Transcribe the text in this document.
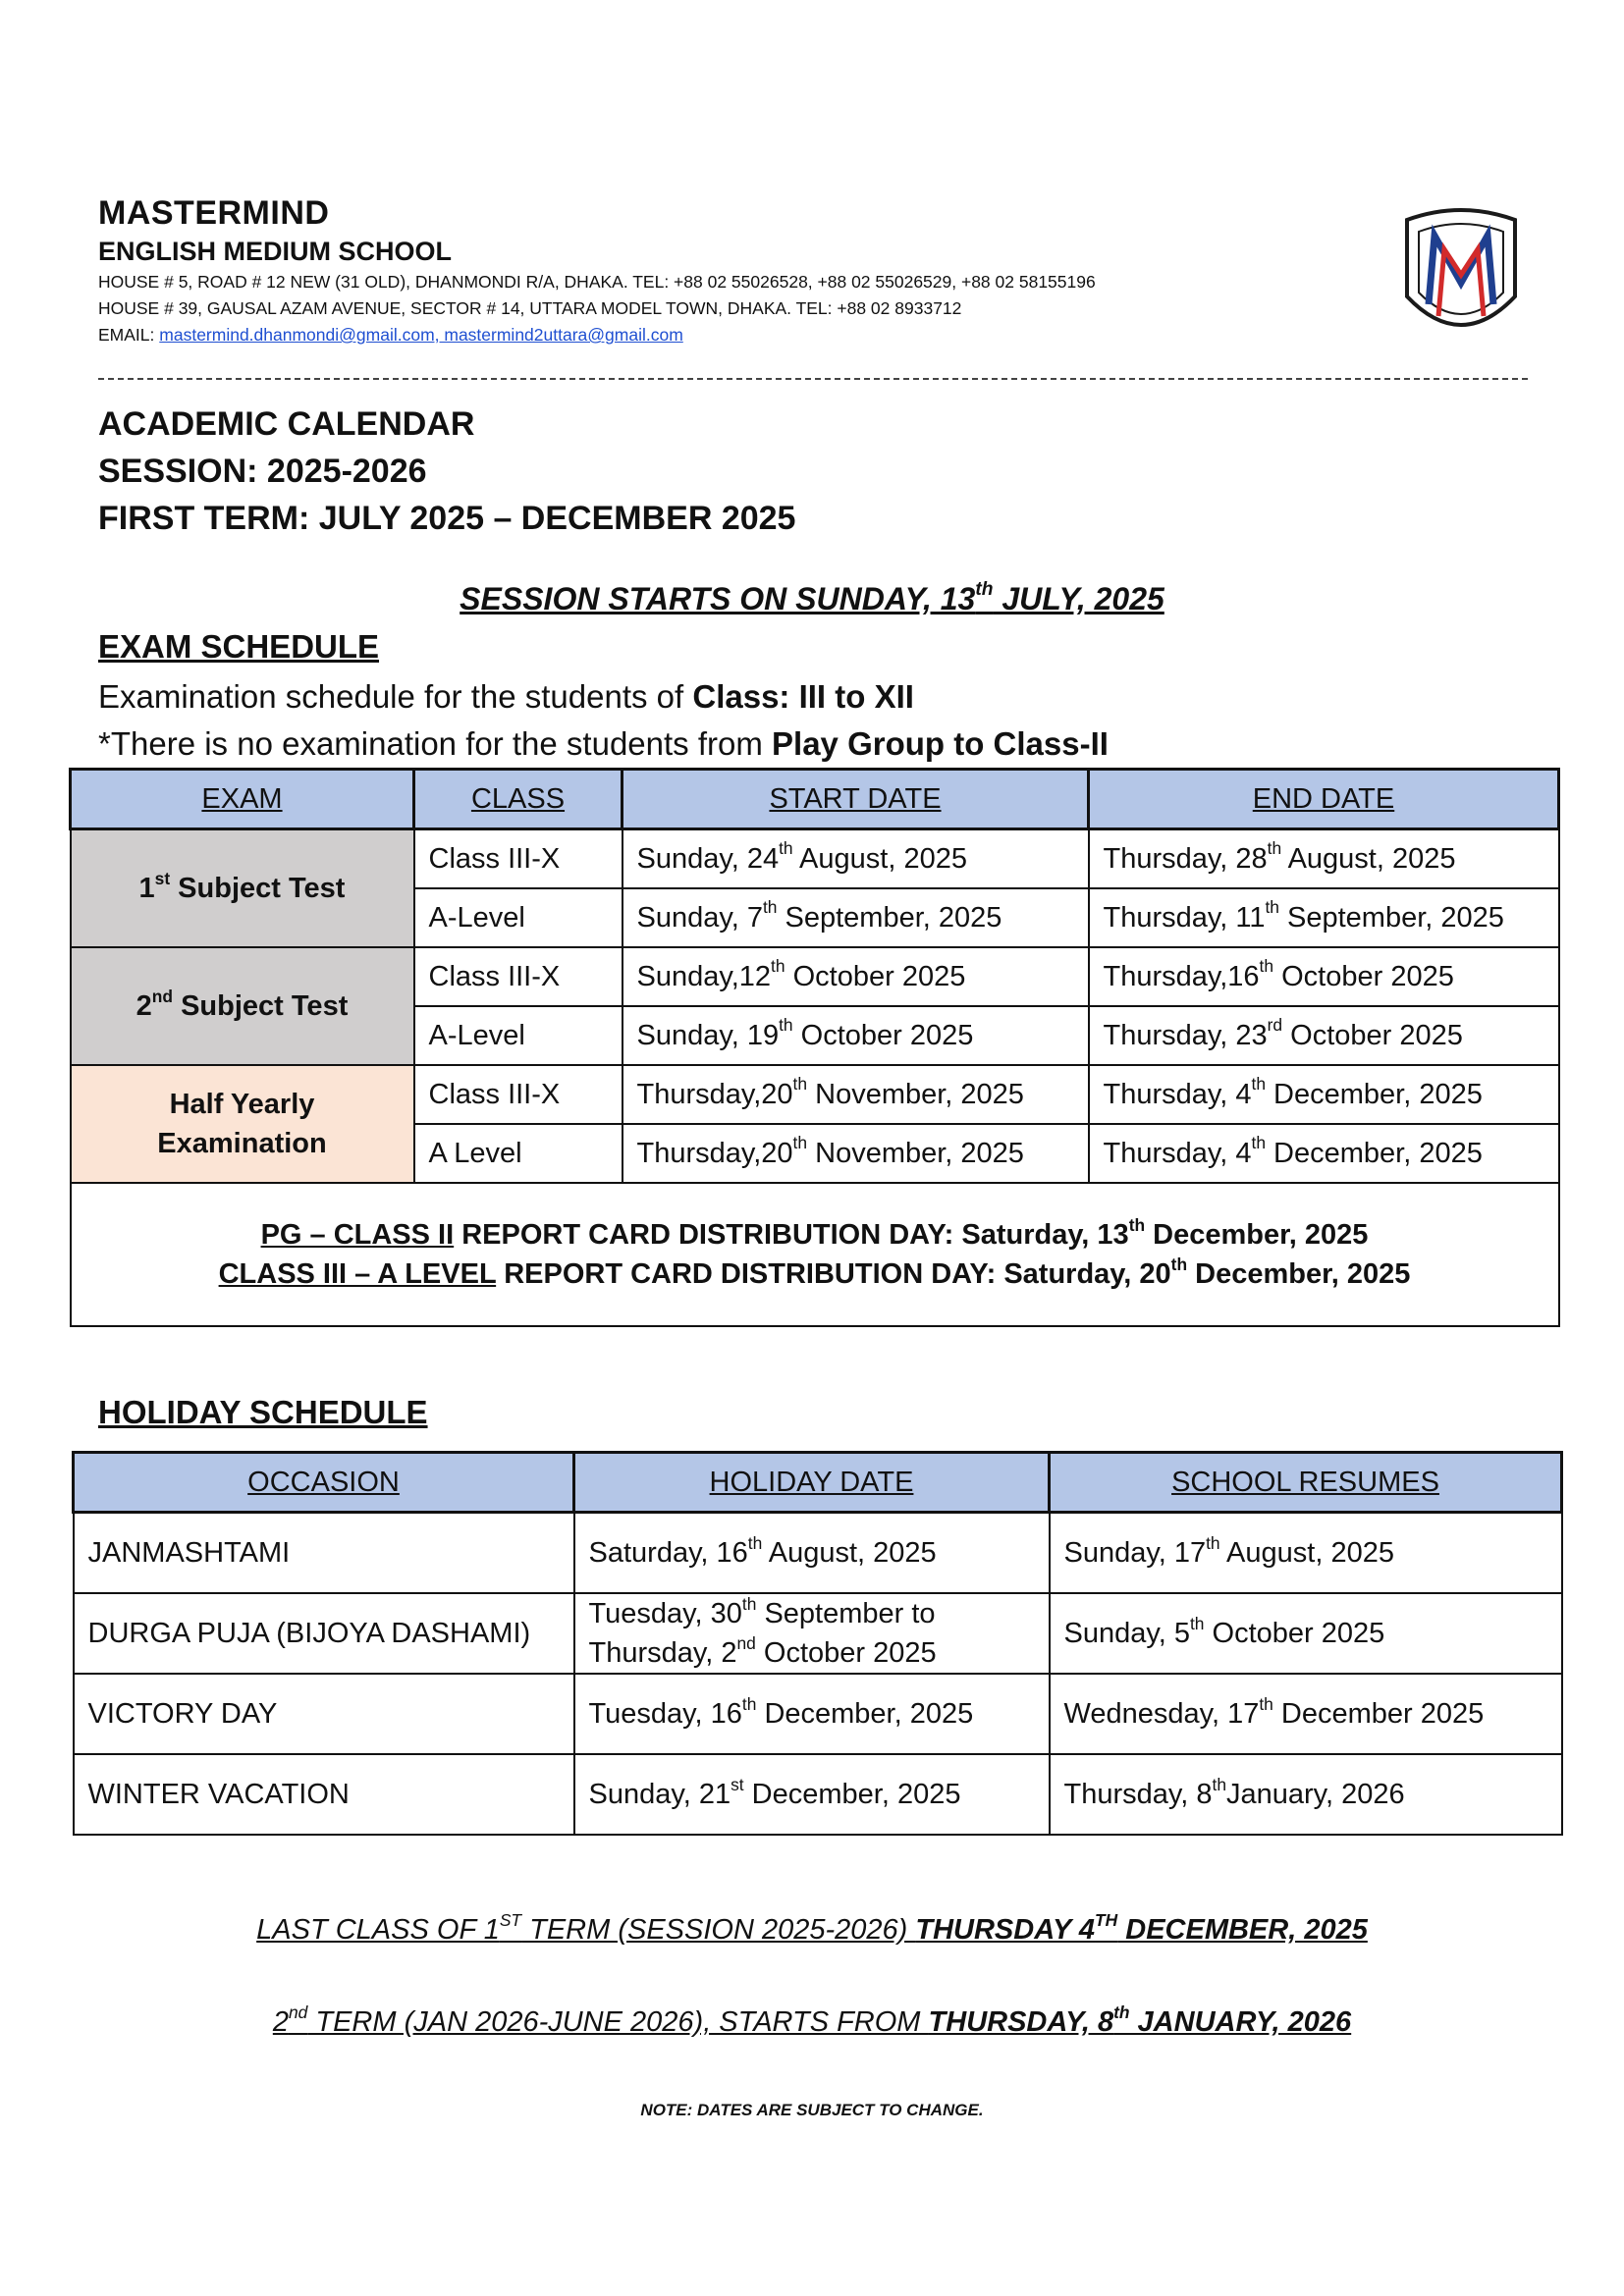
MASTERMIND
ENGLISH MEDIUM SCHOOL
HOUSE # 5, ROAD # 12 NEW (31 OLD), DHANMONDI R/A, DHAKA. TEL: +88 02 55026528, +88 02 55026529, +88 02 58155196
HOUSE # 39, GAUSAL AZAM AVENUE, SECTOR # 14, UTTARA MODEL TOWN, DHAKA. TEL: +88 02 8933712
EMAIL: mastermind.dhanmondi@gmail.com, mastermind2uttara@gmail.com
ACADEMIC CALENDAR
SESSION: 2025-2026
FIRST TERM: JULY 2025 – DECEMBER 2025
SESSION STARTS ON SUNDAY, 13th JULY, 2025
EXAM SCHEDULE
Examination schedule for the students of Class: III to XII
*There is no examination for the students from Play Group to Class-II
EXAM	CLASS	START DATE	END DATE
1st Subject Test	Class III-X	Sunday, 24th August, 2025	Thursday, 28th August, 2025
	A-Level	Sunday, 7th September, 2025	Thursday, 11th September, 2025
2nd Subject Test	Class III-X	Sunday,12th October 2025	Thursday,16th October 2025
	A-Level	Sunday, 19th October 2025	Thursday, 23rd October 2025

Half Yearly
Examination	Class III-X	Thursday,20th November, 2025	Thursday, 4th December, 2025
	A Level	Thursday,20th November, 2025	Thursday, 4th December, 2025

PG – CLASS II REPORT CARD DISTRIBUTION DAY: Saturday, 13th December, 2025
CLASS III – A LEVEL REPORT CARD DISTRIBUTION DAY: Saturday, 20th December, 2025			
HOLIDAY SCHEDULE
OCCASION	HOLIDAY DATE	SCHOOL RESUMES
JANMASHTAMI	Saturday, 16th August, 2025	Sunday, 17th August, 2025
DURGA PUJA (BIJOYA DASHAMI)	Tuesday, 30th September to
Thursday, 2nd October 2025	Sunday, 5th October 2025
VICTORY DAY	Tuesday, 16th December, 2025	Wednesday, 17th December 2025
WINTER VACATION	Sunday, 21st December, 2025	Thursday, 8thJanuary, 2026
LAST CLASS OF 1ST TERM (SESSION 2025-2026) THURSDAY 4TH DECEMBER, 2025
2nd TERM (JAN 2026-JUNE 2026), STARTS FROM THURSDAY, 8th JANUARY, 2026
NOTE: DATES ARE SUBJECT TO CHANGE.
